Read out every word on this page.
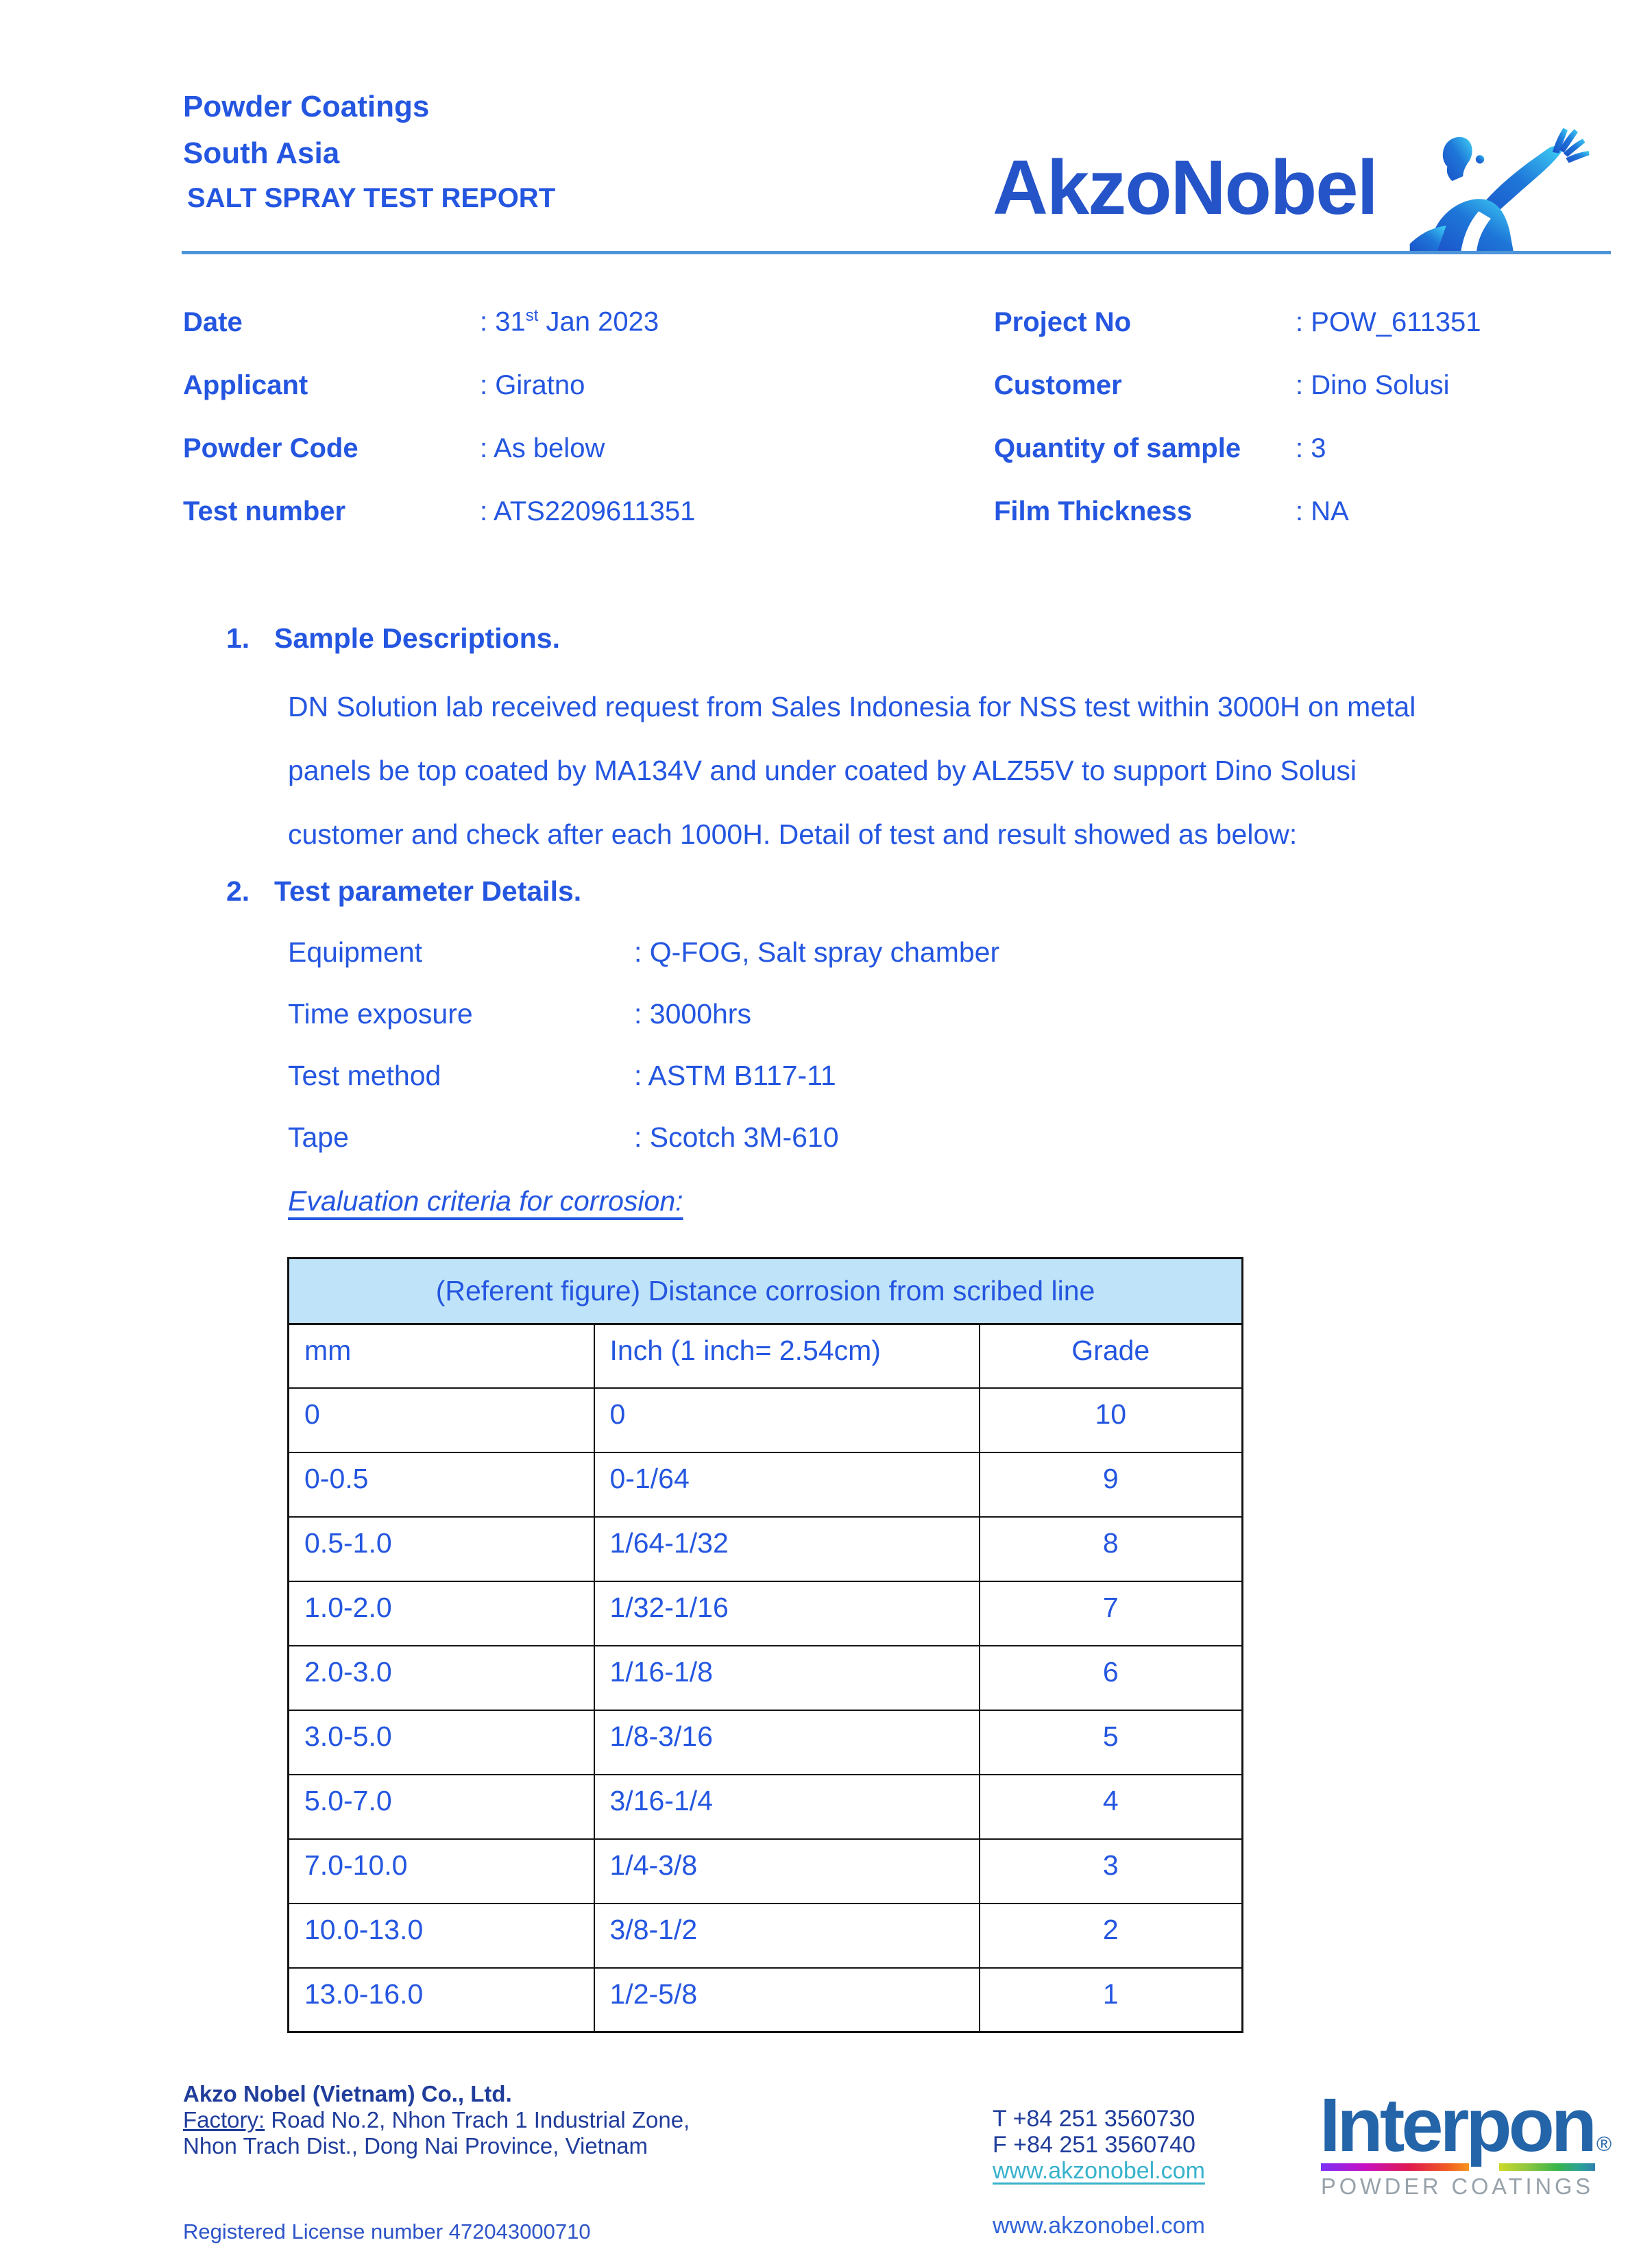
Powder Coatings
South Asia
SALT SPRAY TEST REPORT	AkzoNobel
Date	: 31st Jan 2023	Project No	: POW_611351
Applicant	: Giratno	Customer	: Dino Solusi
Powder Code	: As below	Quantity of sample	: 3
Test number	: ATS2209611351	Film Thickness	: NA
1. Sample Descriptions.
DN Solution lab received request from Sales Indonesia for NSS test within 3000H on metal
panels be top coated by MA134V and under coated by ALZ55V to support Dino Solusi
customer and check after each 1000H. Detail of test and result showed as below:
2. Test parameter Details.
Equipment	: Q-FOG, Salt spray chamber
Time exposure	: 3000hrs
Test method	: ASTM B117-11
Tape	: Scotch 3M-610
Evaluation criteria for corrosion:
(Referent figure) Distance corrosion from scribed line		
mm	Inch (1 inch= 2.54cm)	Grade
0	0	10
0-0.5	0-1/64	9
0.5-1.0	1/64-1/32	8
1.0-2.0	1/32-1/16	7
2.0-3.0	1/16-1/8	6
3.0-5.0	1/8-3/16	5
5.0-7.0	3/16-1/4	4
7.0-10.0	1/4-3/8	3
10.0-13.0	3/8-1/2	2
13.0-16.0	1/2-5/8	1
Akzo Nobel (Vietnam) Co., Ltd.
Factory: Road No.2, Nhon Trach 1 Industrial Zone,
Nhon Trach Dist., Dong Nai Province, Vietnam
Registered License number 472043000710
T +84 251 3560730
F +84 251 3560740
www.akzonobel.com
www.akzonobel.com
Interpon ®
POWDER COATINGS
